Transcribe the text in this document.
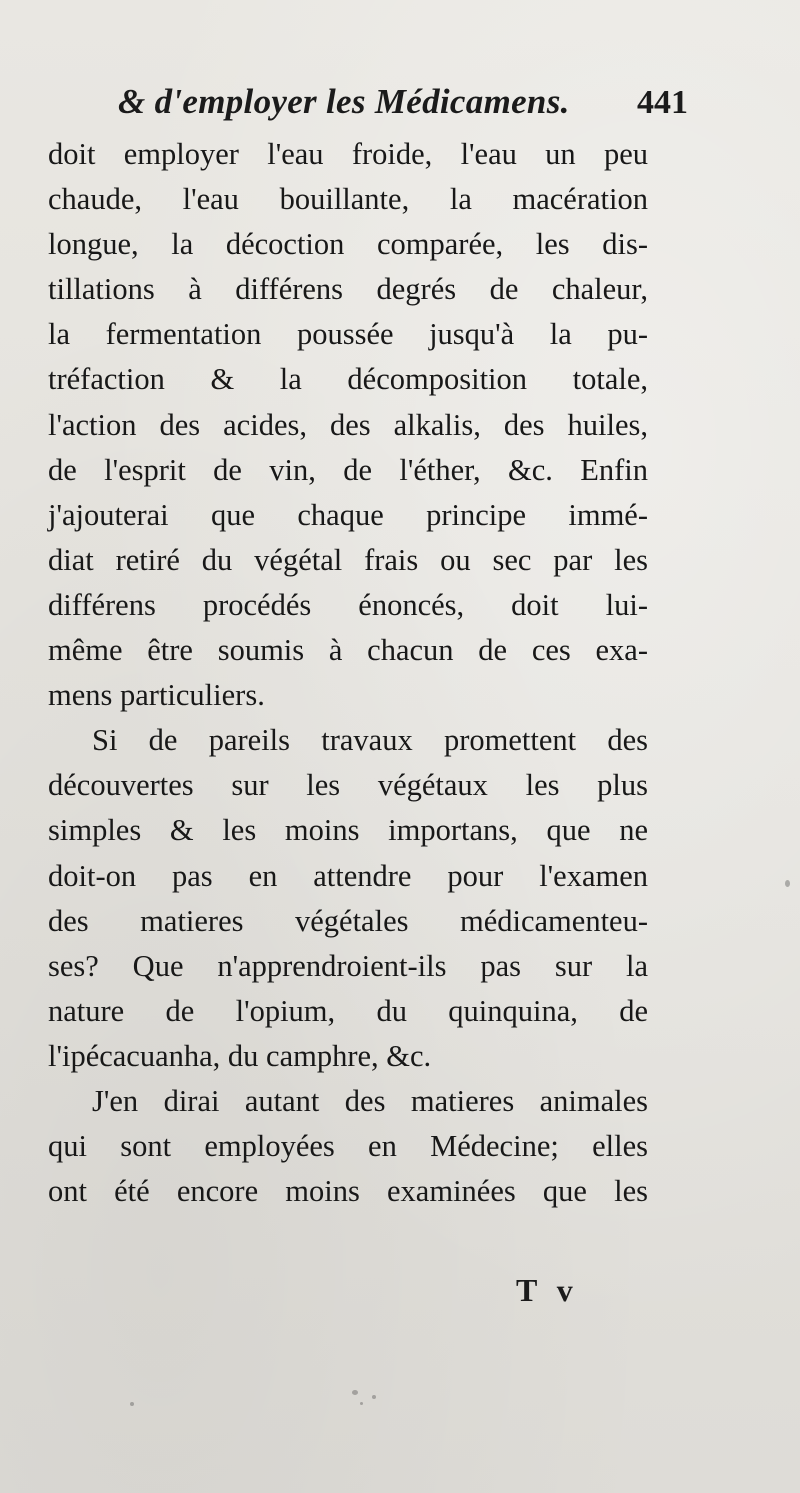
& d'employer les Médicamens. 441
doit employer l'eau froide, l'eau un peu
chaude, l'eau bouillante, la macération
longue, la décoction comparée, les dis-
tillations à différens degrés de chaleur,
la fermentation poussée jusqu'à la pu-
tréfaction & la décomposition totale,
l'action des acides, des alkalis, des huiles,
de l'esprit de vin, de l'éther, &c. Enfin
j'ajouterai que chaque principe immé-
diat retiré du végétal frais ou sec par les
différens procédés énoncés, doit lui-
même être soumis à chacun de ces exa-
mens particuliers.
Si de pareils travaux promettent des
découvertes sur les végétaux les plus
simples & les moins importans, que ne
doit-on pas en attendre pour l'examen
des matieres végétales médicamenteu-
ses? Que n'apprendroient-ils pas sur la
nature de l'opium, du quinquina, de
l'ipécacuanha, du camphre, &c.
J'en dirai autant des matieres animales
qui sont employées en Médecine; elles
ont été encore moins examinées que les
T v
